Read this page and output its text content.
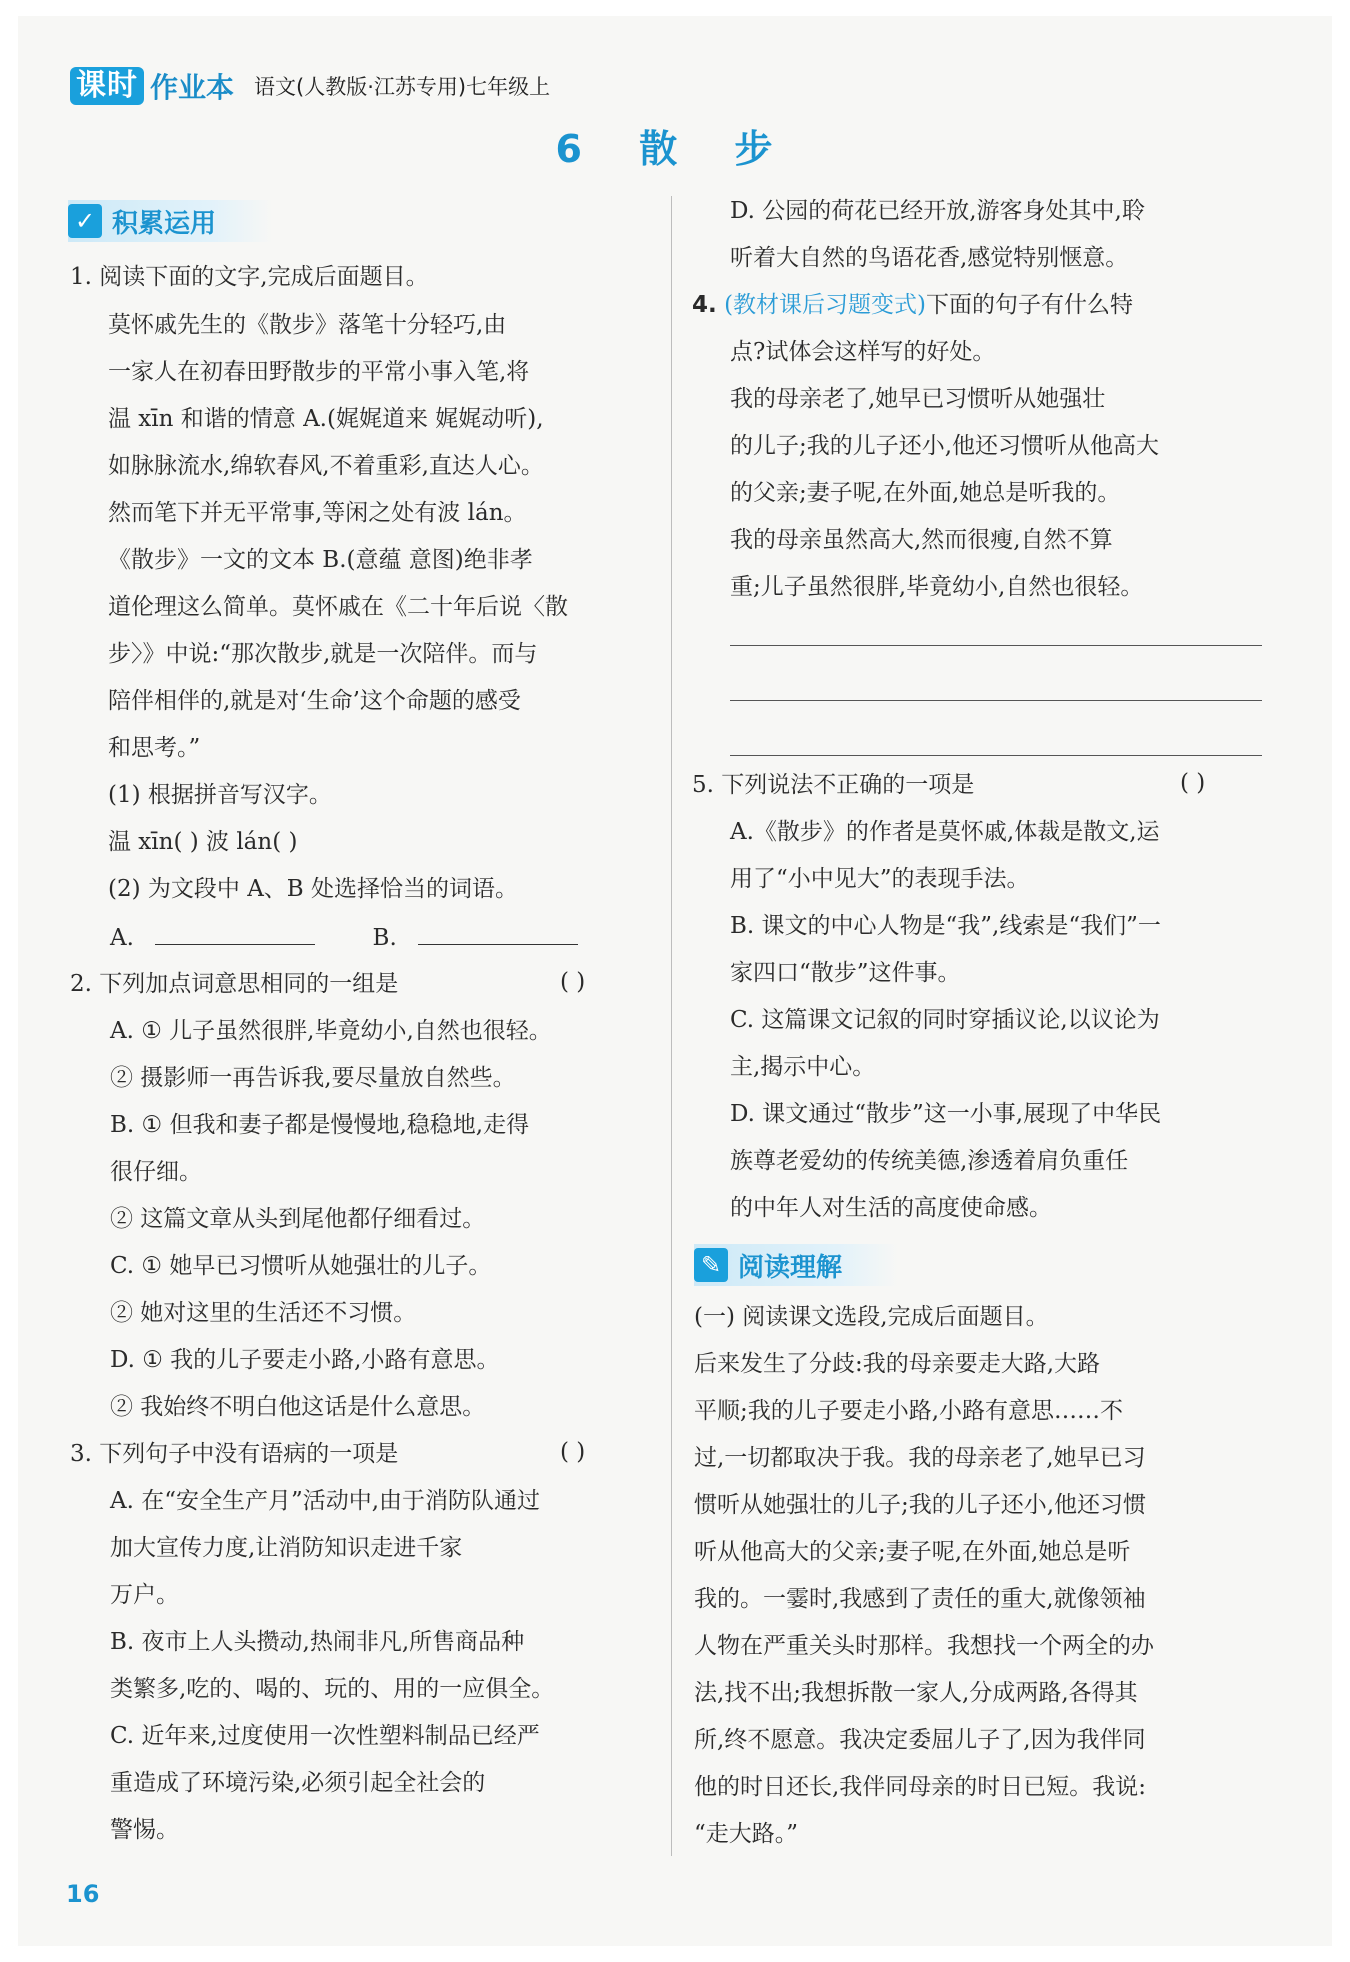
课时 作业本 语文(人教版·江苏专用)七年级上
6 散 步
✓ 积累运用
1. 阅读下面的文字,完成后面题目。
莫怀戚先生的《散步》落笔十分轻巧,由
一家人在初春田野散步的平常小事入笔,将
温 xīn 和谐的情意 A.(娓娓道来 娓娓动听),
如脉脉流水,绵软春风,不着重彩,直达人心。
然而笔下并无平常事,等闲之处有波 lán。
《散步》一文的文本 B.(意蕴 意图)绝非孝
道伦理这么简单。莫怀戚在《二十年后说〈散
步〉》中说:“那次散步,就是一次陪伴。而与
陪伴相伴的,就是对‘生命’这个命题的感受
和思考。”
(1) 根据拼音写汉字。
温 xīn( ) 波 lán( )
(2) 为文段中 A、B 处选择恰当的词语。
A.	B.
2. 下列加点词意思相同的一组是	( )
A. ① 儿子虽然很胖,毕竟幼小,自然也很轻。
② 摄影师一再告诉我,要尽量放自然些。
B. ① 但我和妻子都是慢慢地,稳稳地,走得
很仔细。
② 这篇文章从头到尾他都仔细看过。
C. ① 她早已习惯听从她强壮的儿子。
② 她对这里的生活还不习惯。
D. ① 我的儿子要走小路,小路有意思。
② 我始终不明白他这话是什么意思。
3. 下列句子中没有语病的一项是	( )
A. 在“安全生产月”活动中,由于消防队通过
加大宣传力度,让消防知识走进千家
万户。
B. 夜市上人头攒动,热闹非凡,所售商品种
类繁多,吃的、喝的、玩的、用的一应俱全。
C. 近年来,过度使用一次性塑料制品已经严
重造成了环境污染,必须引起全社会的
警惕。
D. 公园的荷花已经开放,游客身处其中,聆
听着大自然的鸟语花香,感觉特别惬意。
4. (教材课后习题变式)下面的句子有什么特
点?试体会这样写的好处。
我的母亲老了,她早已习惯听从她强壮
的儿子;我的儿子还小,他还习惯听从他高大
的父亲;妻子呢,在外面,她总是听我的。
我的母亲虽然高大,然而很瘦,自然不算
重;儿子虽然很胖,毕竟幼小,自然也很轻。
5. 下列说法不正确的一项是	( )
A.《散步》的作者是莫怀戚,体裁是散文,运
用了“小中见大”的表现手法。
B. 课文的中心人物是“我”,线索是“我们”一
家四口“散步”这件事。
C. 这篇课文记叙的同时穿插议论,以议论为
主,揭示中心。
D. 课文通过“散步”这一小事,展现了中华民
族尊老爱幼的传统美德,渗透着肩负重任
的中年人对生活的高度使命感。
✎ 阅读理解
(一) 阅读课文选段,完成后面题目。
后来发生了分歧:我的母亲要走大路,大路
平顺;我的儿子要走小路,小路有意思……不
过,一切都取决于我。我的母亲老了,她早已习
惯听从她强壮的儿子;我的儿子还小,他还习惯
听从他高大的父亲;妻子呢,在外面,她总是听
我的。一霎时,我感到了责任的重大,就像领袖
人物在严重关头时那样。我想找一个两全的办
法,找不出;我想拆散一家人,分成两路,各得其
所,终不愿意。我决定委屈儿子了,因为我伴同
他的时日还长,我伴同母亲的时日已短。我说:
“走大路。”
16
